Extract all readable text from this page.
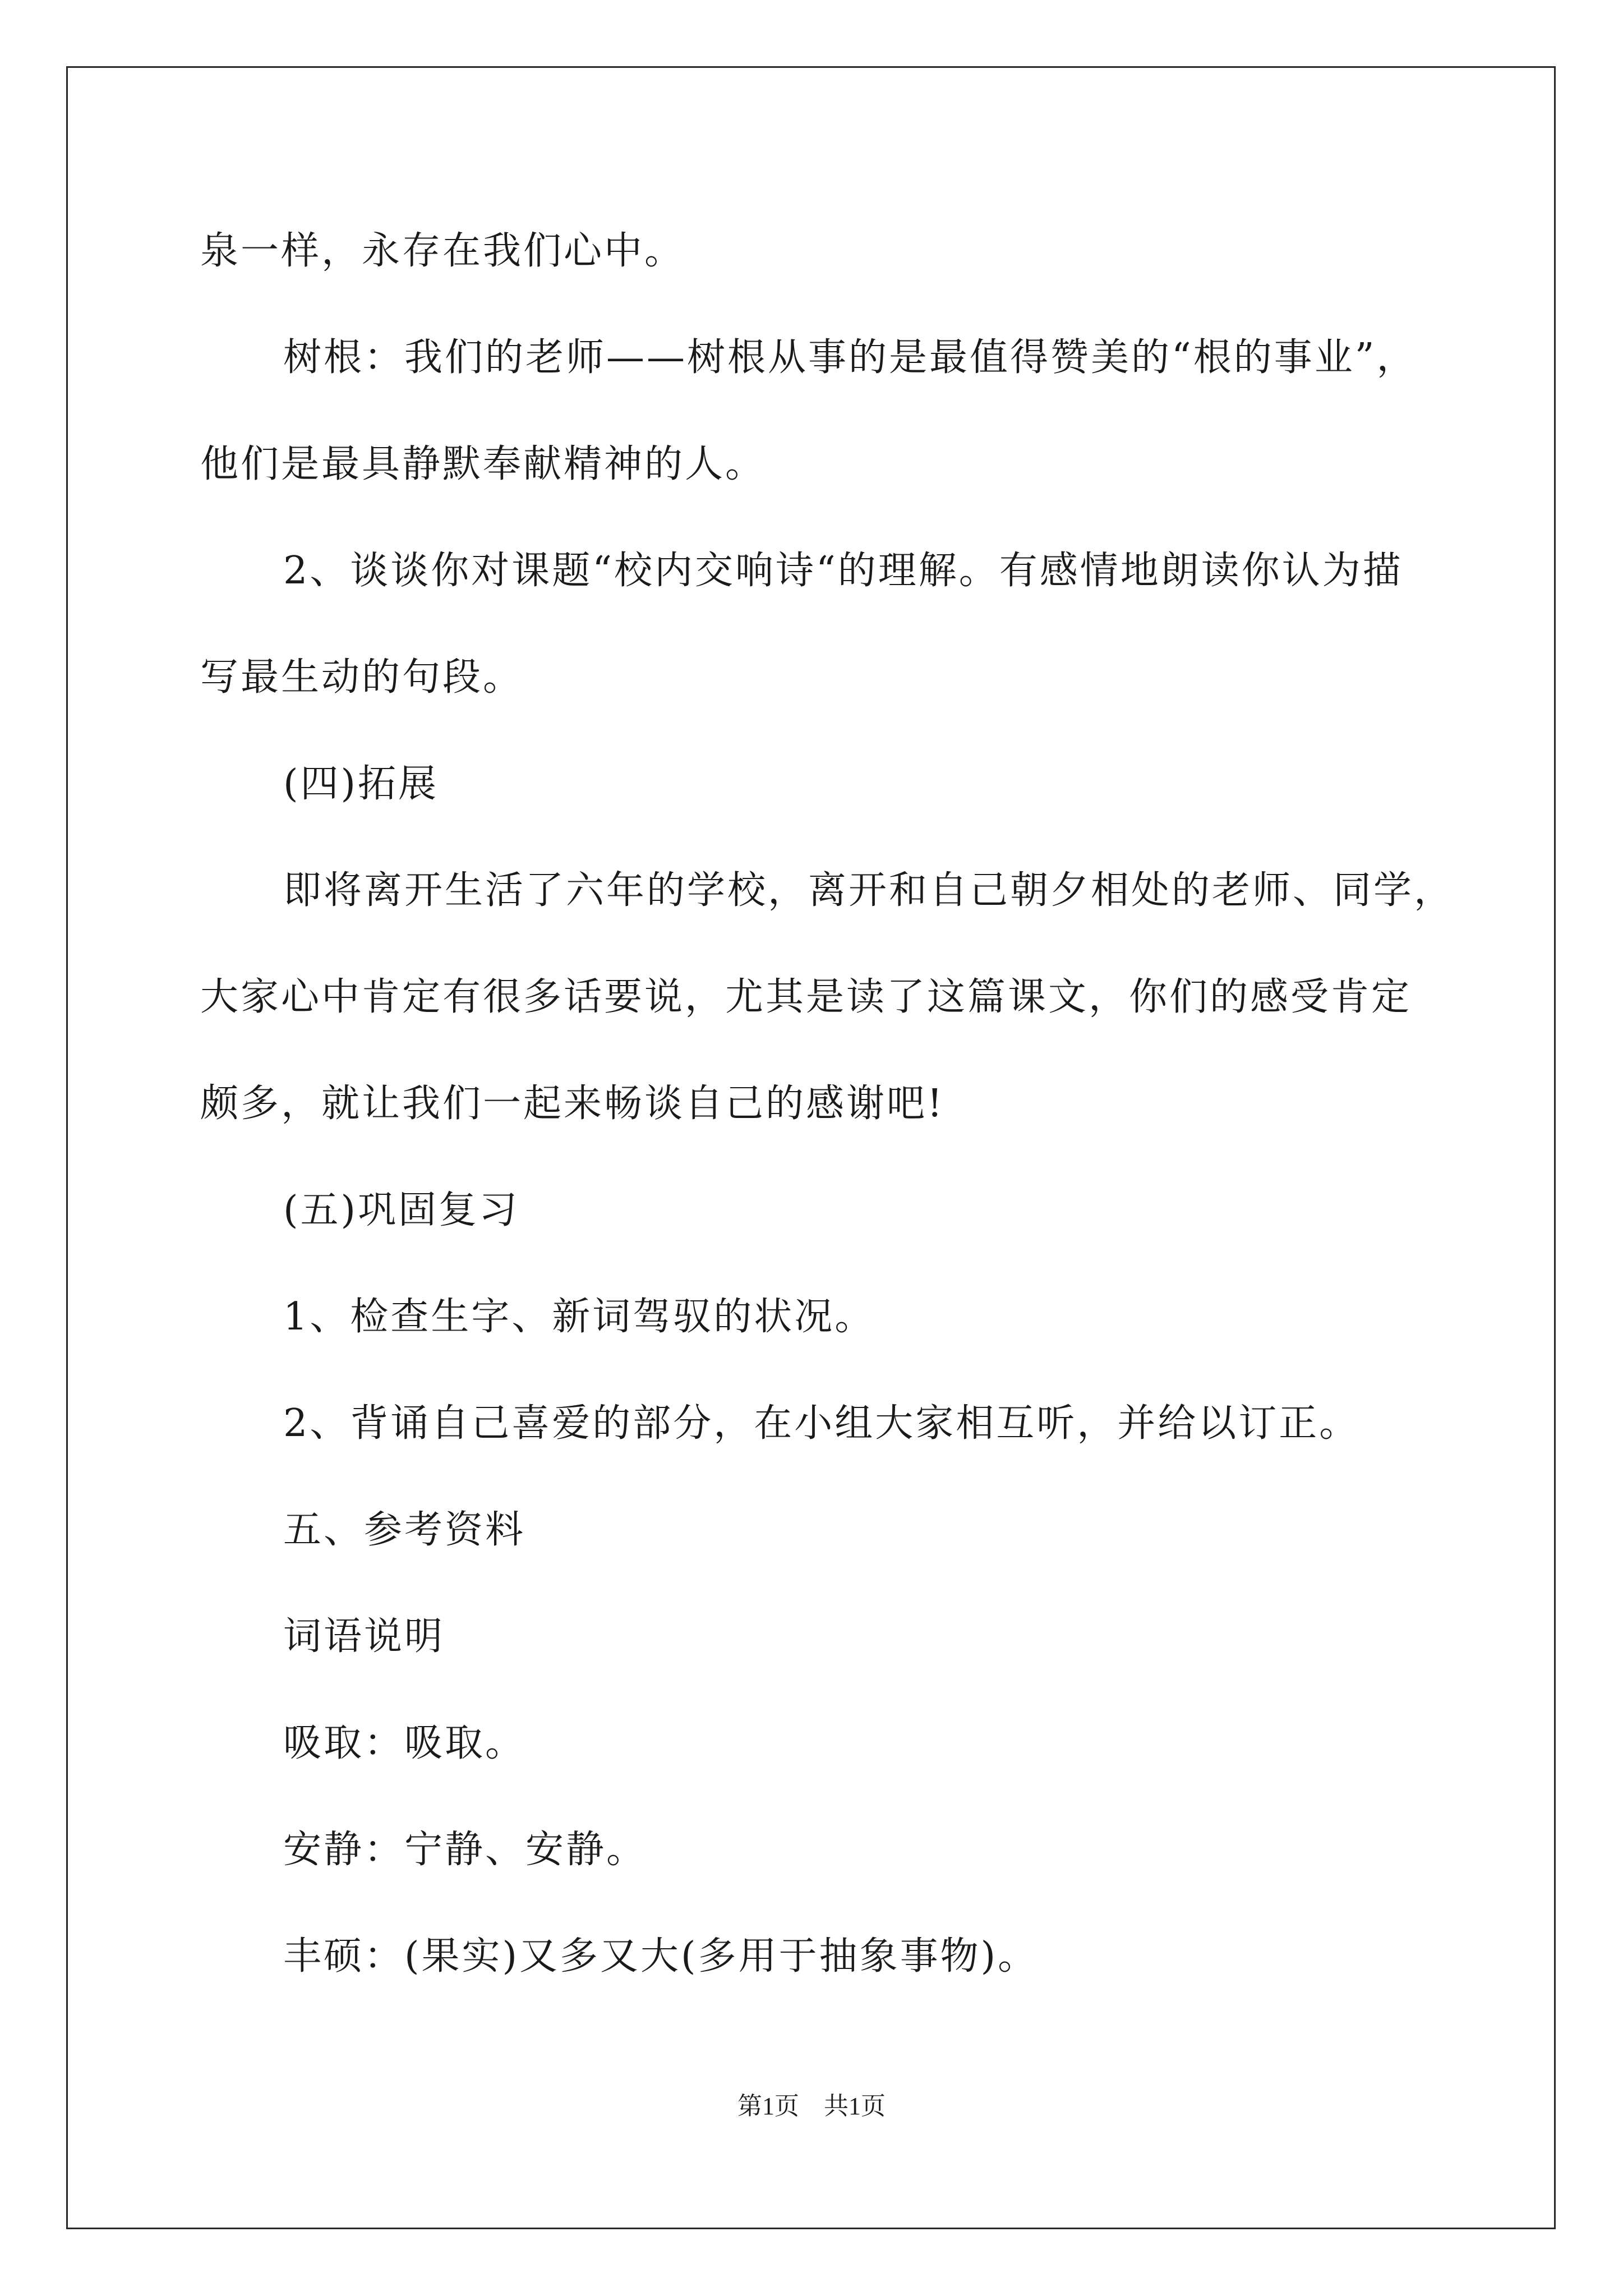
泉一样，永存在我们心中。
树根：我们的老师——树根从事的是最值得赞美的“根的事业”，
他们是最具静默奉献精神的人。
2、谈谈你对课题“校内交响诗“的理解。有感情地朗读你认为描
写最生动的句段。
(四)拓展
即将离开生活了六年的学校，离开和自己朝夕相处的老师、同学，
大家心中肯定有很多话要说，尤其是读了这篇课文，你们的感受肯定
颇多，就让我们一起来畅谈自己的感谢吧!
(五)巩固复习
1、检查生字、新词驾驭的状况。
2、背诵自己喜爱的部分，在小组大家相互听，并给以订正。
五、参考资料
词语说明
吸取：吸取。
安静：宁静、安静。
丰硕：(果实)又多又大(多用于抽象事物)。
第1页　共1页
